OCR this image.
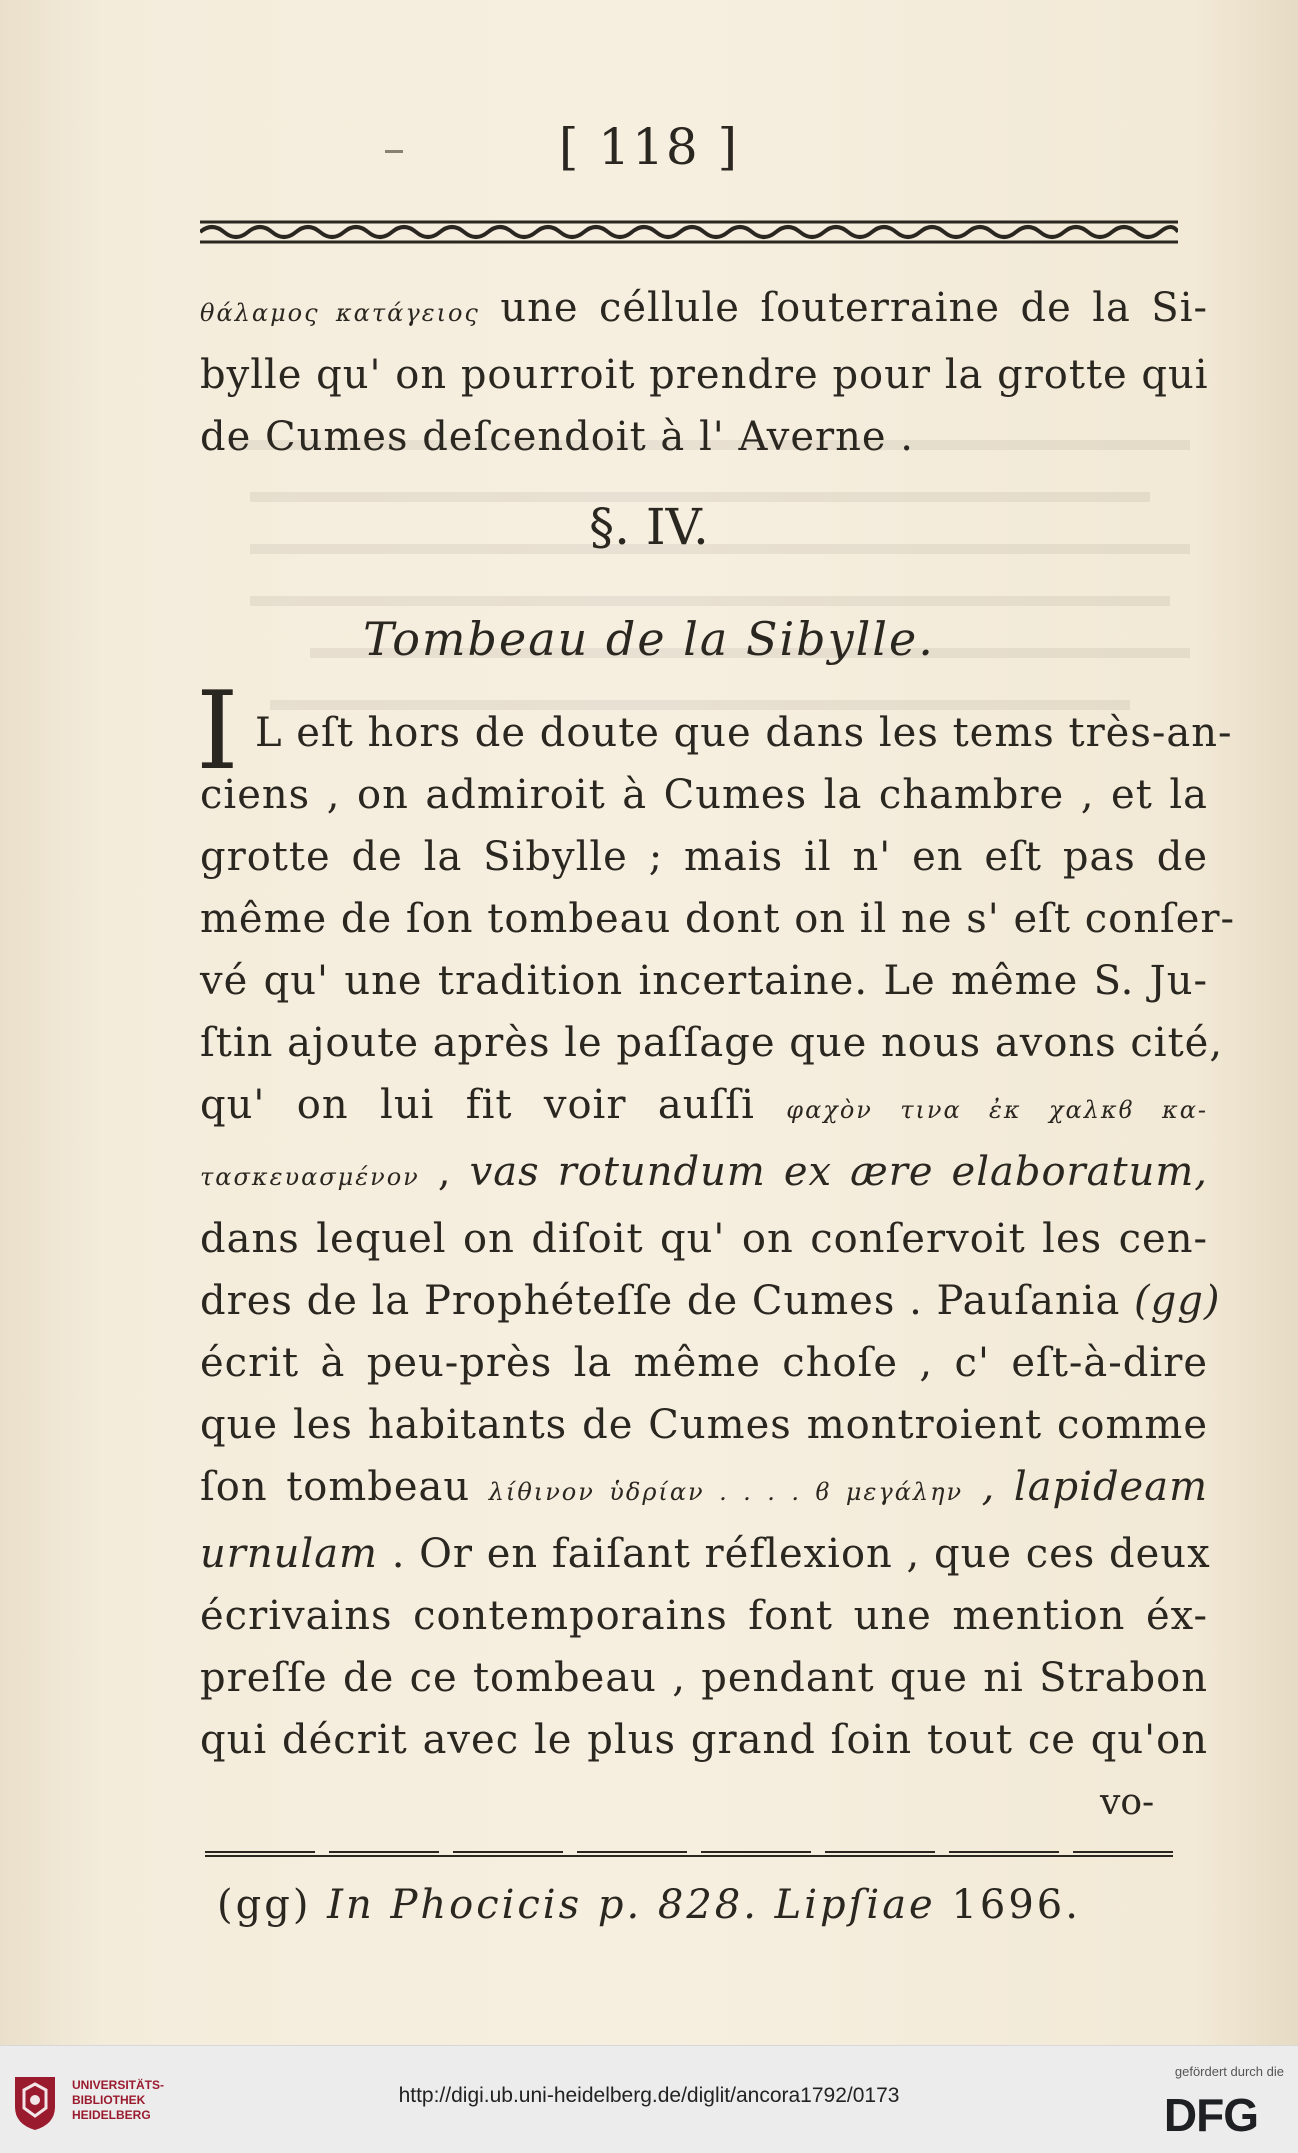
[ 118 ]
θάλαμος κατάγειος une céllule ſouterraine de la Si-
bylle qu' on pourroit prendre pour la grotte qui
de Cumes deſcendoit à l' Averne .
§. IV.
Tombeau de la Sibylle.
I L eſt hors de doute que dans les tems très-an-
ciens , on admiroit à Cumes la chambre , et la
grotte de la Sibylle ; mais il n' en eſt pas de
même de ſon tombeau dont on il ne s' eſt conſer-
vé qu' une tradition incertaine. Le même S. Ju-
ſtin ajoute après le paſſage que nous avons cité,
qu' on lui fit voir auſſi φαχὸν τινα ἐκ χαλκϐ κα-
τασκευασμένον , vas rotundum ex ære elaboratum,
dans lequel on diſoit qu' on conſervoit les cen-
dres de la Prophéteſſe de Cumes . Pauſania (gg)
écrit à peu-près la même choſe , c' eſt-à-dire
que les habitants de Cumes montroient comme
ſon tombeau λίθινον ὑδρίαν . . . . ϐ μεγάλην , lapideam
urnulam . Or en faiſant réflexion , que ces deux
écrivains contemporains font une mention éx-
preſſe de ce tombeau , pendant que ni Strabon
qui décrit avec le plus grand ſoin tout ce qu'on
vo-
(gg) In Phocicis p. 828. Lipſiae 1696.
UNIVERSITÄTS- BIBLIOTHEK HEIDELBERG
http://digi.ub.uni-heidelberg.de/diglit/ancora1792/0173
gefördert durch die
DFG
